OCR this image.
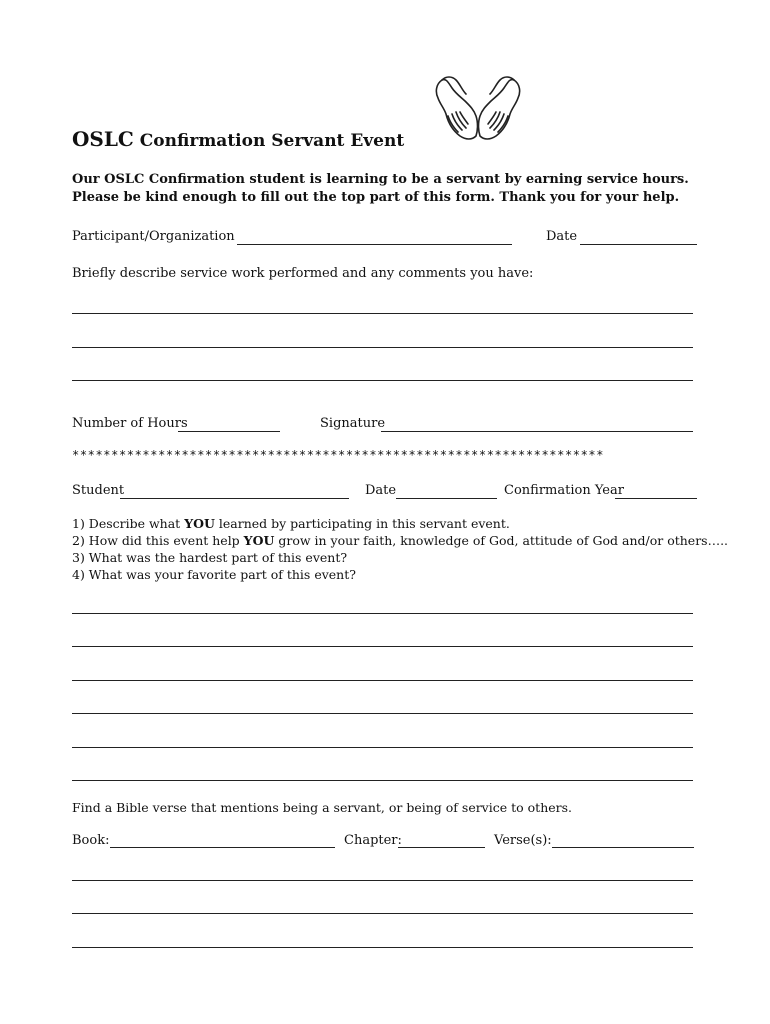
OSLC Confirmation Servant Event
Our OSLC Confirmation student is learning to be a servant by earning service hours.
Please be kind enough to fill out the top part of this form. Thank you for your help.
Participant/Organization	Date
Briefly describe service work performed and any comments you have:
Number of Hours	Signature
********************************************************************
Student	Date	Confirmation Year
1) Describe what YOU learned by participating in this servant event.
2) How did this event help YOU grow in your faith, knowledge of God, attitude of God and/or others…..
3) What was the hardest part of this event?
4) What was your favorite part of this event?
Find a Bible verse that mentions being a servant, or being of service to others.
Book:	Chapter:	Verse(s):
